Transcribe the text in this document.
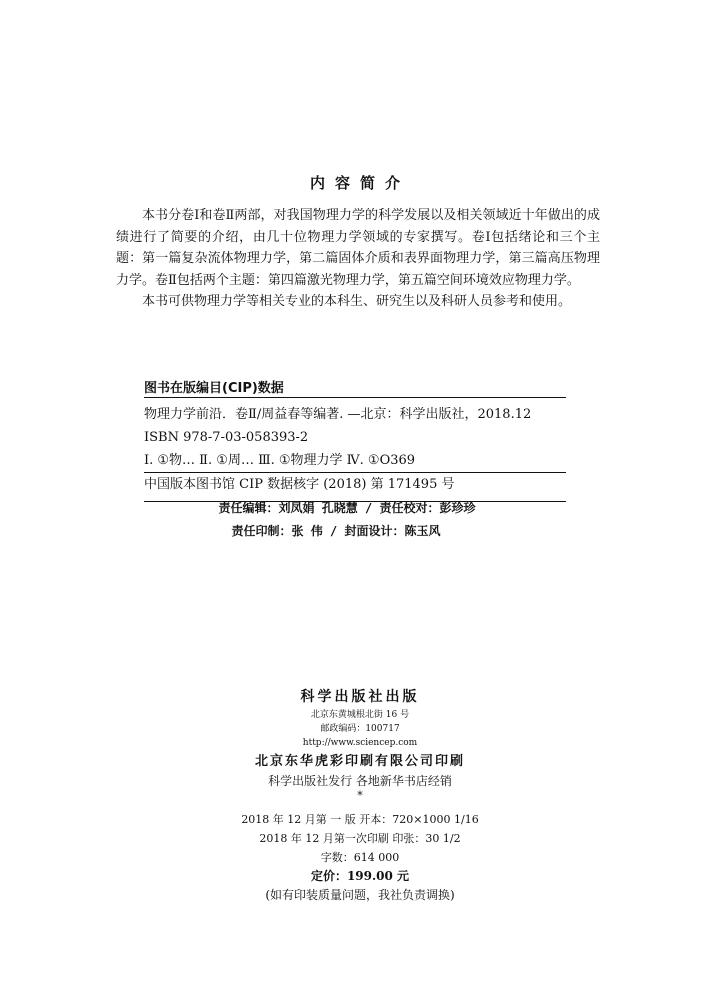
内容简介

本书分卷Ⅰ和卷Ⅱ两部，对我国物理力学的科学发展以及相关领域近十年做出的成绩进行了简要的介绍，由几十位物理力学领域的专家撰写。卷Ⅰ包括绪论和三个主题：第一篇复杂流体物理力学，第二篇固体介质和表界面物理力学，第三篇高压物理力学。卷Ⅱ包括两个主题：第四篇激光物理力学，第五篇空间环境效应物理力学。

本书可供物理力学等相关专业的本科生、研究生以及科研人员参考和使用。

图书在版编目(CIP)数据
物理力学前沿．卷Ⅱ/周益春等编著. —北京：科学出版社，2018.12
ISBN 978-7-03-058393-2
Ⅰ. ①物… Ⅱ. ①周… Ⅲ. ①物理力学 Ⅳ. ①O369
中国版本图书馆 CIP 数据核字 (2018) 第 171495 号
责任编辑：刘凤娟 孔晓慧 / 责任校对：彭珍珍
责任印制：张 伟 / 封面设计：陈玉风
科学出版社出版
北京东黄城根北街 16 号
邮政编码：100717
http://www.sciencep.com
北京东华虎彩印刷有限公司印刷
科学出版社发行 各地新华书店经销
*
2018 年 12 月第 一 版 开本：720×1000 1/16
2018 年 12 月第一次印刷 印张：30 1/2
字数：614 000
定价：199.00 元
(如有印装质量问题，我社负责调换)
